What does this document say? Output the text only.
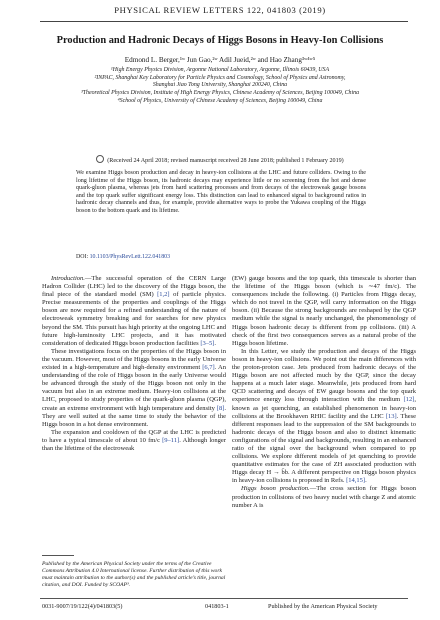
PHYSICAL REVIEW LETTERS 122, 041803 (2019)
Production and Hadronic Decays of Higgs Bosons in Heavy-Ion Collisions
Edmond L. Berger,¹ʷ Jun Gao,²ʷ Adil Jueid,²ʷ and Hao Zhang³ʷ⁴ʷ⁵
¹High Energy Physics Division, Argonne National Laboratory, Argonne, Illinois 60439, USA
²INPAC, Shanghai Key Laboratory for Particle Physics and Cosmology, School of Physics and Astronomy,
Shanghai Jiao Tong University, Shanghai 200240, China
³Theoretical Physics Division, Institute of High Energy Physics, Chinese Academy of Sciences, Beijing 100049, China
⁴School of Physics, University of Chinese Academy of Sciences, Beijing 100049, China
(Received 24 April 2018; revised manuscript received 28 June 2018; published 1 February 2019)
We examine Higgs boson production and decay in heavy-ion collisions at the LHC and future colliders. Owing to the long lifetime of the Higgs boson, its hadronic decays may experience little or no screening from the hot and dense quark-gluon plasma, whereas jets from hard scattering processes and from decays of the electroweak gauge bosons and the top quark suffer significant energy loss. This distinction can lead to enhanced signal to background ratios in hadronic decay channels and thus, for example, provide alternative ways to probe the Yukawa coupling of the Higgs boson to the bottom quark and its lifetime.
DOI: 10.1103/PhysRevLett.122.041803

Introduction.—The successful operation of the CERN Large Hadron Collider (LHC) led to the discovery of the Higgs boson, the final piece of the standard model (SM) [1,2] of particle physics. Precise measurements of the properties and couplings of the Higgs boson are now required for a refined understanding of the nature of electroweak symmetry breaking and for searches for new physics beyond the SM. This pursuit has high priority at the ongoing LHC and future high-luminosity LHC projects, and it has motivated consideration of dedicated Higgs boson production facilities [3–5].

These investigations focus on the properties of the Higgs boson in the vacuum. However, most of the Higgs bosons in the early Universe existed in a high-temperature and high-density environment [6,7]. An understanding of the role of Higgs boson in the early Universe would be advanced through the study of the Higgs boson not only in the vacuum but also in an extreme medium. Heavy-ion collisions at the LHC, proposed to study properties of the quark-gluon plasma (QGP), create an extreme environment with high temperature and density [8]. They are well suited at the same time to study the behavior of the Higgs boson in a hot dense environment.

The expansion and cooldown of the QGP at the LHC is predicted to have a typical timescale of about 10 fm/c [9–11]. Although longer than the lifetime of the electroweak

(EW) gauge bosons and the top quark, this timescale is shorter than the lifetime of the Higgs boson (which is ∼47 fm/c). The consequences include the following. (i) Particles from Higgs decay, which do not travel in the QGP, will carry information on the Higgs boson. (ii) Because the strong backgrounds are reshaped by the QGP medium while the signal is nearly unchanged, the phenomenology of Higgs boson hadronic decay is different from pp collisions. (iii) A check of the first two consequences serves as a natural probe of the Higgs boson lifetime.

In this Letter, we study the production and decays of the Higgs boson in heavy-ion collisions. We point out the main differences with the proton-proton case. Jets produced from hadronic decays of the Higgs boson are not affected much by the QGP, since the decay happens at a much later stage. Meanwhile, jets produced from hard QCD scattering and decays of EW gauge bosons and the top quark experience energy loss through interaction with the medium [12], known as jet quenching, an established phenomenon in heavy-ion collisions at the Brookhaven RHIC facility and the LHC [13]. These different responses lead to the suppression of the SM backgrounds to hadronic decays of the Higgs boson and also to distinct kinematic configurations of the signal and backgrounds, resulting in an enhanced ratio of the signal over the background when compared to pp collisions. We explore different models of jet quenching to provide quantitative estimates for the case of ZH associated production with Higgs decay H → b̄b. A different perspective on Higgs boson physics in heavy-ion collisions is proposed in Refs. [14,15].

Higgs boson production.—The cross section for Higgs boson production in collisions of two heavy nuclei with charge Z and atomic number A is

Published by the American Physical Society under the terms of the Creative Commons Attribution 4.0 International license. Further distribution of this work must maintain attribution to the author(s) and the published article’s title, journal citation, and DOI. Funded by SCOAP³.
0031-9007/19/122(4)/041803(5)	041803-1	Published by the American Physical Society
